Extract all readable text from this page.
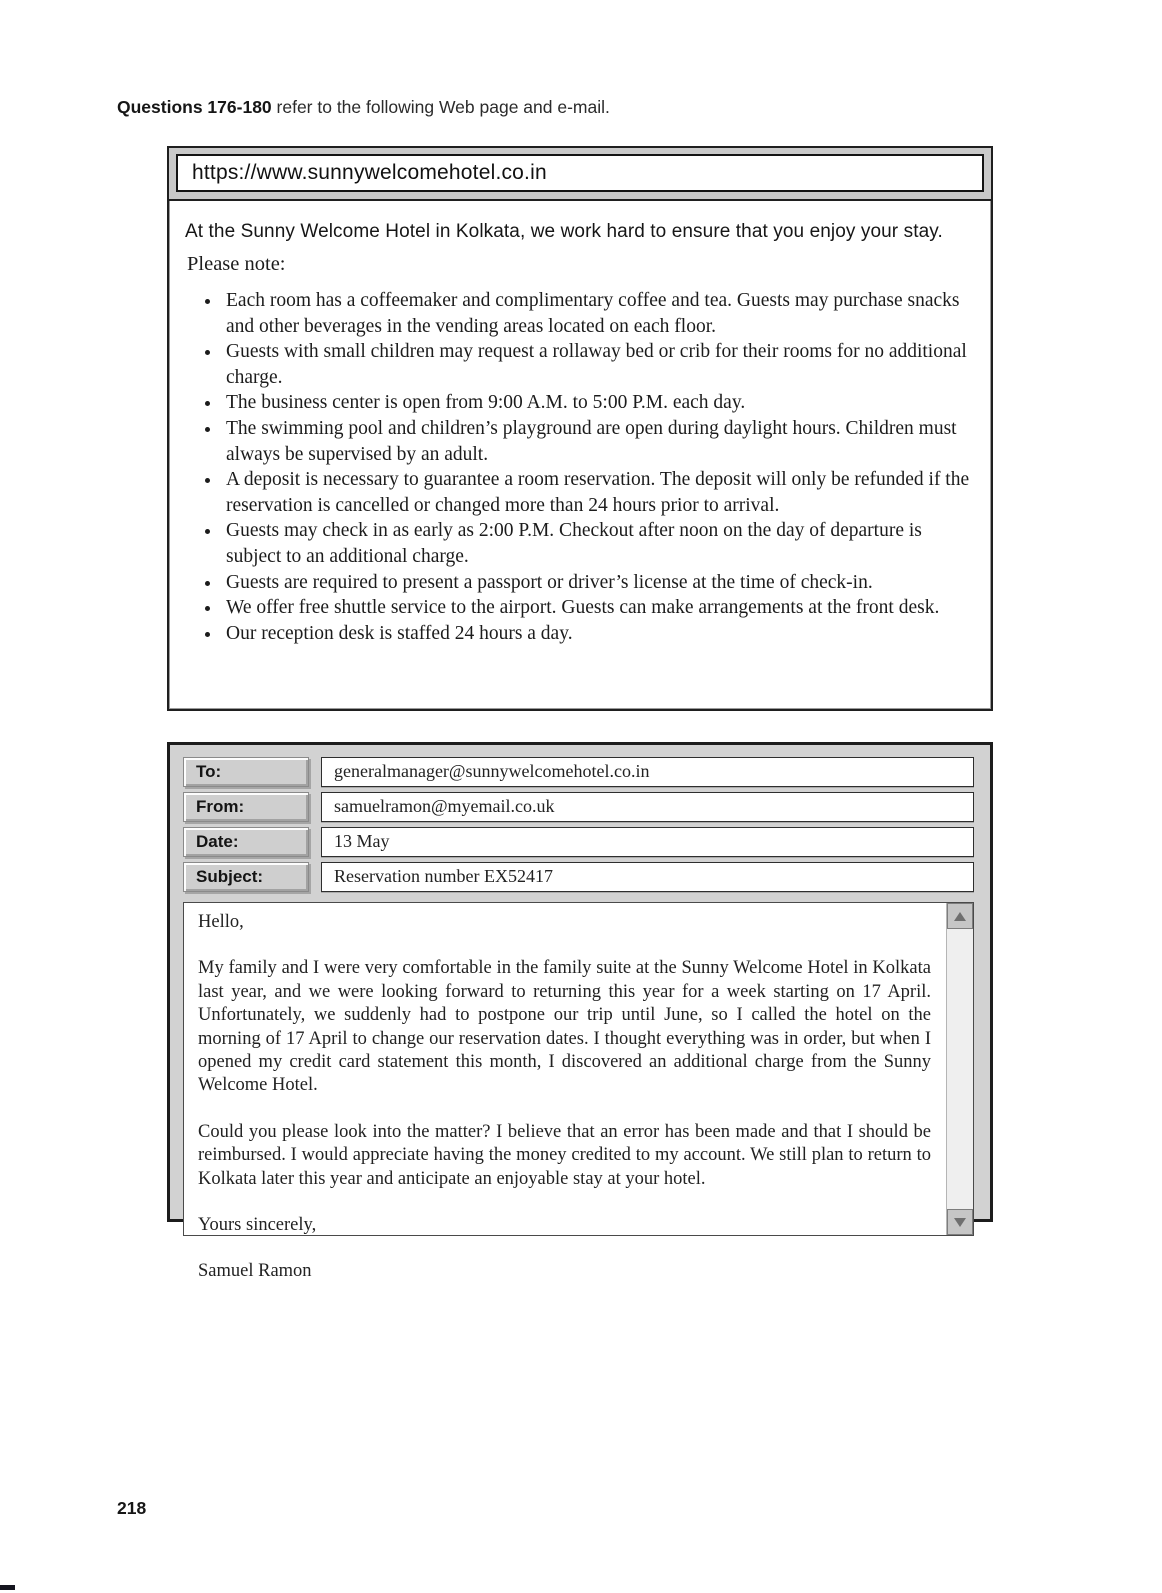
Questions 176-180 refer to the following Web page and e-mail.

https://www.sunnywelcomehotel.co.in

At the Sunny Welcome Hotel in Kolkata, we work hard to ensure that you enjoy your stay.

Please note:

• Each room has a coffeemaker and complimentary coffee and tea. Guests may purchase snacks and other beverages in the vending areas located on each floor.
• Guests with small children may request a rollaway bed or crib for their rooms for no additional charge.
• The business center is open from 9:00 A.M. to 5:00 P.M. each day.
• The swimming pool and children’s playground are open during daylight hours. Children must always be supervised by an adult.
• A deposit is necessary to guarantee a room reservation. The deposit will only be refunded if the reservation is cancelled or changed more than 24 hours prior to arrival.
• Guests may check in as early as 2:00 P.M. Checkout after noon on the day of departure is subject to an additional charge.
• Guests are required to present a passport or driver’s license at the time of check-in.
• We offer free shuttle service to the airport. Guests can make arrangements at the front desk.
• Our reception desk is staffed 24 hours a day.
To:	generalmanager@sunnywelcomehotel.co.in
From:	samuelramon@myemail.co.uk
Date:	13 May
Subject:	Reservation number EX52417

Hello,

My family and I were very comfortable in the family suite at the Sunny Welcome Hotel in Kolkata last year, and we were looking forward to returning this year for a week starting on 17 April. Unfortunately, we suddenly had to postpone our trip until June, so I called the hotel on the morning of 17 April to change our reservation dates. I thought everything was in order, but when I opened my credit card statement this month, I discovered an additional charge from the Sunny Welcome Hotel.

Could you please look into the matter? I believe that an error has been made and that I should be reimbursed. I would appreciate having the money credited to my account. We still plan to return to Kolkata later this year and anticipate an enjoyable stay at your hotel.

Yours sincerely,

Samuel Ramon

218
